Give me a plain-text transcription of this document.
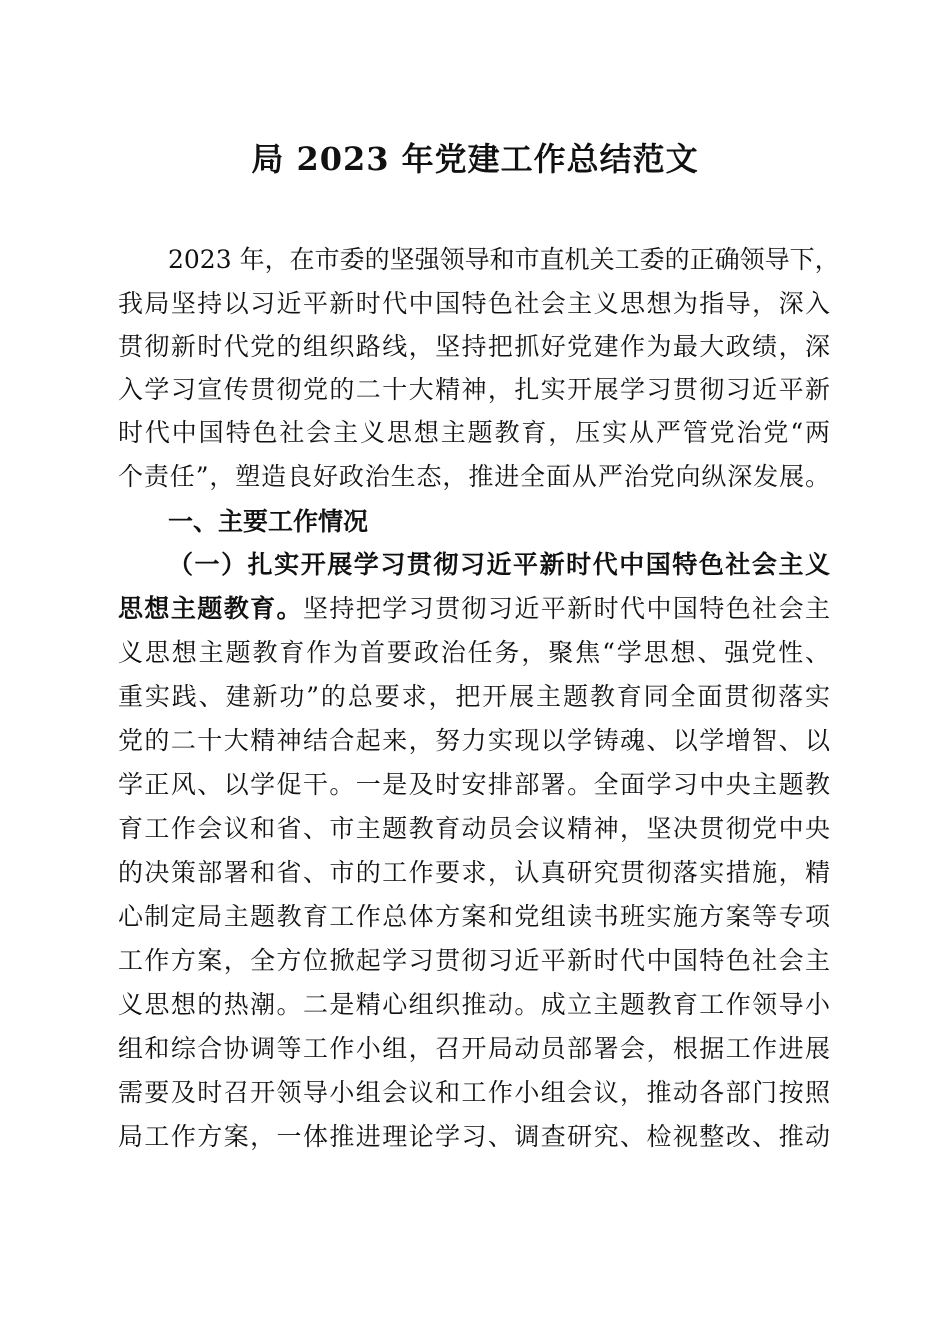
局 2023 年党建工作总结范文
2023 年，在市委的坚强领导和市直机关工委的正确领导下，
我局坚持以习近平新时代中国特色社会主义思想为指导，深入
贯彻新时代党的组织路线，坚持把抓好党建作为最大政绩，深
入学习宣传贯彻党的二十大精神，扎实开展学习贯彻习近平新
时代中国特色社会主义思想主题教育，压实从严管党治党“两
个责任”，塑造良好政治生态，推进全面从严治党向纵深发展。
一、主要工作情况
（一）扎实开展学习贯彻习近平新时代中国特色社会主义
思想主题教育。坚持把学习贯彻习近平新时代中国特色社会主
义思想主题教育作为首要政治任务，聚焦“学思想、强党性、
重实践、建新功”的总要求，把开展主题教育同全面贯彻落实
党的二十大精神结合起来，努力实现以学铸魂、以学增智、以
学正风、以学促干。一是及时安排部署。全面学习中央主题教
育工作会议和省、市主题教育动员会议精神，坚决贯彻党中央
的决策部署和省、市的工作要求，认真研究贯彻落实措施，精
心制定局主题教育工作总体方案和党组读书班实施方案等专项
工作方案，全方位掀起学习贯彻习近平新时代中国特色社会主
义思想的热潮。二是精心组织推动。成立主题教育工作领导小
组和综合协调等工作小组，召开局动员部署会，根据工作进展
需要及时召开领导小组会议和工作小组会议，推动各部门按照
局工作方案，一体推进理论学习、调查研究、检视整改、推动
